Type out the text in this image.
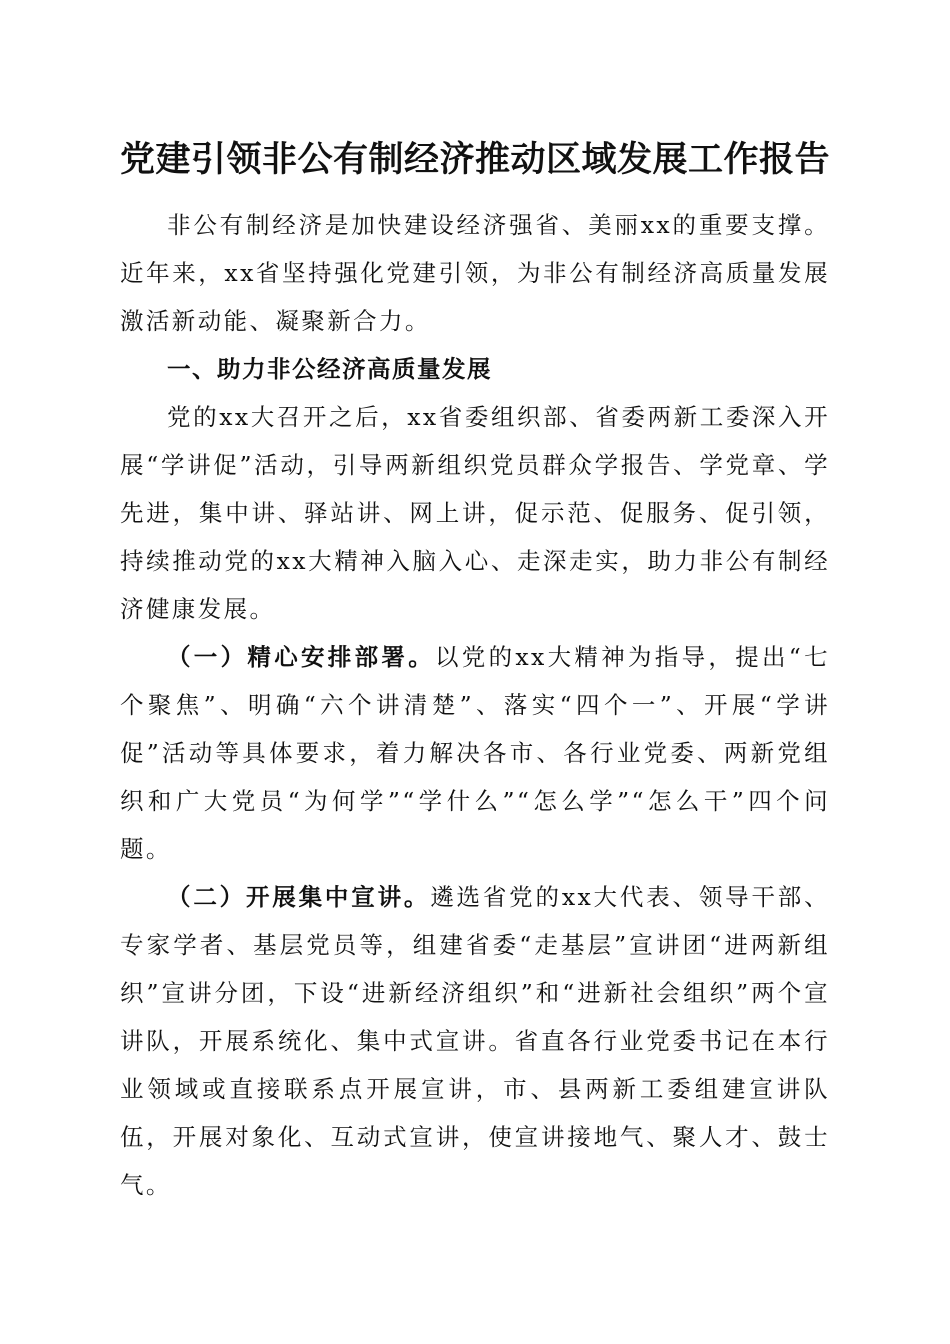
党建引领非公有制经济推动区域发展工作报告

非公有制经济是加快建设经济强省、美丽xx的重要支撑。近年来，xx省坚持强化党建引领，为非公有制经济高质量发展激活新动能、凝聚新合力。

一、助力非公经济高质量发展

党的xx大召开之后，xx省委组织部、省委两新工委深入开展“学讲促”活动，引导两新组织党员群众学报告、学党章、学先进，集中讲、驿站讲、网上讲，促示范、促服务、促引领，持续推动党的xx大精神入脑入心、走深走实，助力非公有制经济健康发展。

（一）精心安排部署。以党的xx大精神为指导，提出“七个聚焦”、明确“六个讲清楚”、落实“四个一”、开展“学讲促”活动等具体要求，着力解决各市、各行业党委、两新党组织和广大党员“为何学”“学什么”“怎么学”“怎么干”四个问题。

（二）开展集中宣讲。遴选省党的xx大代表、领导干部、专家学者、基层党员等，组建省委“走基层”宣讲团“进两新组织”宣讲分团，下设“进新经济组织”和“进新社会组织”两个宣讲队，开展系统化、集中式宣讲。省直各行业党委书记在本行业领域或直接联系点开展宣讲，市、县两新工委组建宣讲队伍，开展对象化、互动式宣讲，使宣讲接地气、聚人才、鼓士气。
